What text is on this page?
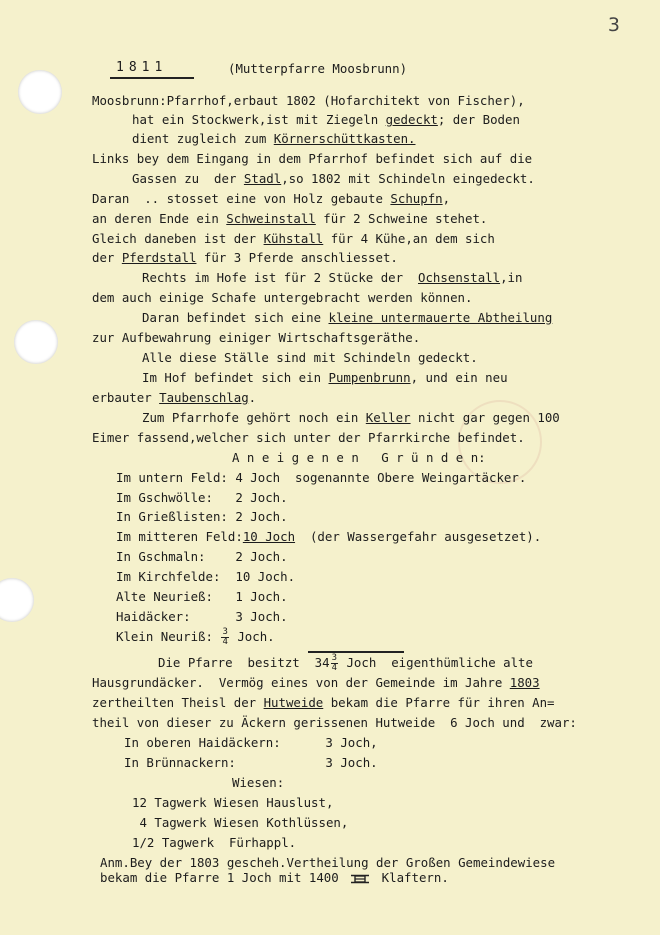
3
1811	(Mutterpfarre Moosbrunn)
Moosbrunn:Pfarrhof,erbaut 1802 (Hofarchitekt von Fischer),
hat ein Stockwerk,ist mit Ziegeln gedeckt; der Boden
dient zugleich zum Körnerschüttkasten.
Links bey dem Eingang in dem Pfarrhof befindet sich auf die
Gassen zu  der Stadl,so 1802 mit Schindeln eingedeckt.
Daran  .. stosset eine von Holz gebaute Schupfn,
an deren Ende ein Schweinstall für 2 Schweine stehet.
Gleich daneben ist der Kühstall für 4 Kühe,an dem sich
der Pferdstall für 3 Pferde anschliesset.
Rechts im Hofe ist für 2 Stücke der  Ochsenstall,in
dem auch einige Schafe untergebracht werden können.
Daran befindet sich eine kleine untermauerte Abtheilung
zur Aufbewahrung einiger Wirtschaftsgeräthe.
Alle diese Ställe sind mit Schindeln gedeckt.
Im Hof befindet sich ein Pumpenbrunn, und ein neu
erbauter Taubenschlag.
Zum Pfarrhofe gehört noch ein Keller nicht gar gegen 100
Eimer fassend,welcher sich unter der Pfarrkirche befindet.
A n e i g e n e n   G r ü n d e n:
Im untern Feld: 4 Joch  sogenannte Obere Weingartäcker.
Im Gschwölle:   2 Joch.
In Grießlisten: 2 Joch.
Im mitteren Feld:10 Joch  (der Wassergefahr ausgesetzet).
In Gschmaln:    2 Joch.
Im Kirchfelde:  10 Joch.
Alte Neurieß:   1 Joch.
Haidäcker:      3 Joch.
Klein Neuriß: $\frac{3}{4}$ Joch.
Die Pfarre  besitzt  $34 \frac{3}{4}$ Joch  eigenthümliche alte
Hausgrundäcker.  Vermög eines von der Gemeinde im Jahre 1803
zertheilten Theisl der Hutweide bekam die Pfarre für ihren An=
theil von dieser zu Äckern gerissenen Hutweide  6 Joch und  zwar:
In oberen Haidäckern:      3 Joch,
In Brünnackern:            3 Joch.
Wiesen:
12 Tagwerk Wiesen Hauslust,
4 Tagwerk Wiesen Kothlüssen,
1/2 Tagwerk  Fürhappl.
Anm.Bey der 1803 gescheh.Vertheilung der Großen Gemeindewiese
bekam die Pfarre 1 Joch mit 1400  Klaftern.
